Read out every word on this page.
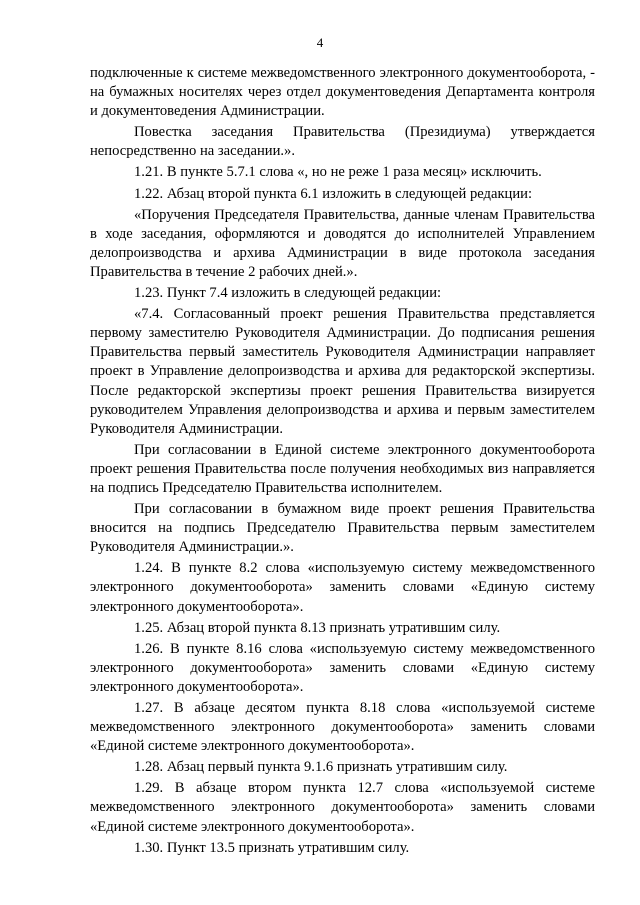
4

подключенные к системе межведомственного электронного документооборота, - на бумажных носителях через отдел документоведения Департамента контроля и документоведения Администрации.

Повестка заседания Правительства (Президиума) утверждается непосредственно на заседании.».

1.21. В пункте 5.7.1 слова «, но не реже 1 раза месяц» исключить.

1.22. Абзац второй пункта 6.1 изложить в следующей редакции:

«Поручения Председателя Правительства, данные членам Правительства в ходе заседания, оформляются и доводятся до исполнителей Управлением делопроизводства и архива Администрации в виде протокола заседания Правительства в течение 2 рабочих дней.».

1.23. Пункт 7.4 изложить в следующей редакции:

«7.4. Согласованный проект решения Правительства представляется первому заместителю Руководителя Администрации. До подписания решения Правительства первый заместитель Руководителя Администрации направляет проект в Управление делопроизводства и архива для редакторской экспертизы. После редакторской экспертизы проект решения Правительства визируется руководителем Управления делопроизводства и архива и первым заместителем Руководителя Администрации.

При согласовании в Единой системе электронного документооборота проект решения Правительства после получения необходимых виз направляется на подпись Председателю Правительства исполнителем.

При согласовании в бумажном виде проект решения Правительства вносится на подпись Председателю Правительства первым заместителем Руководителя Администрации.».

1.24. В пункте 8.2 слова «используемую систему межведомственного электронного документооборота» заменить словами «Единую систему электронного документооборота».

1.25. Абзац второй пункта 8.13 признать утратившим силу.

1.26. В пункте 8.16 слова «используемую систему межведомственного электронного документооборота» заменить словами «Единую систему электронного документооборота».

1.27. В абзаце десятом пункта 8.18 слова «используемой системе межведомственного электронного документооборота» заменить словами «Единой системе электронного документооборота».

1.28. Абзац первый пункта 9.1.6 признать утратившим силу.

1.29. В абзаце втором пункта 12.7 слова «используемой системе межведомственного электронного документооборота» заменить словами «Единой системе электронного документооборота».

1.30. Пункт 13.5 признать утратившим силу.
